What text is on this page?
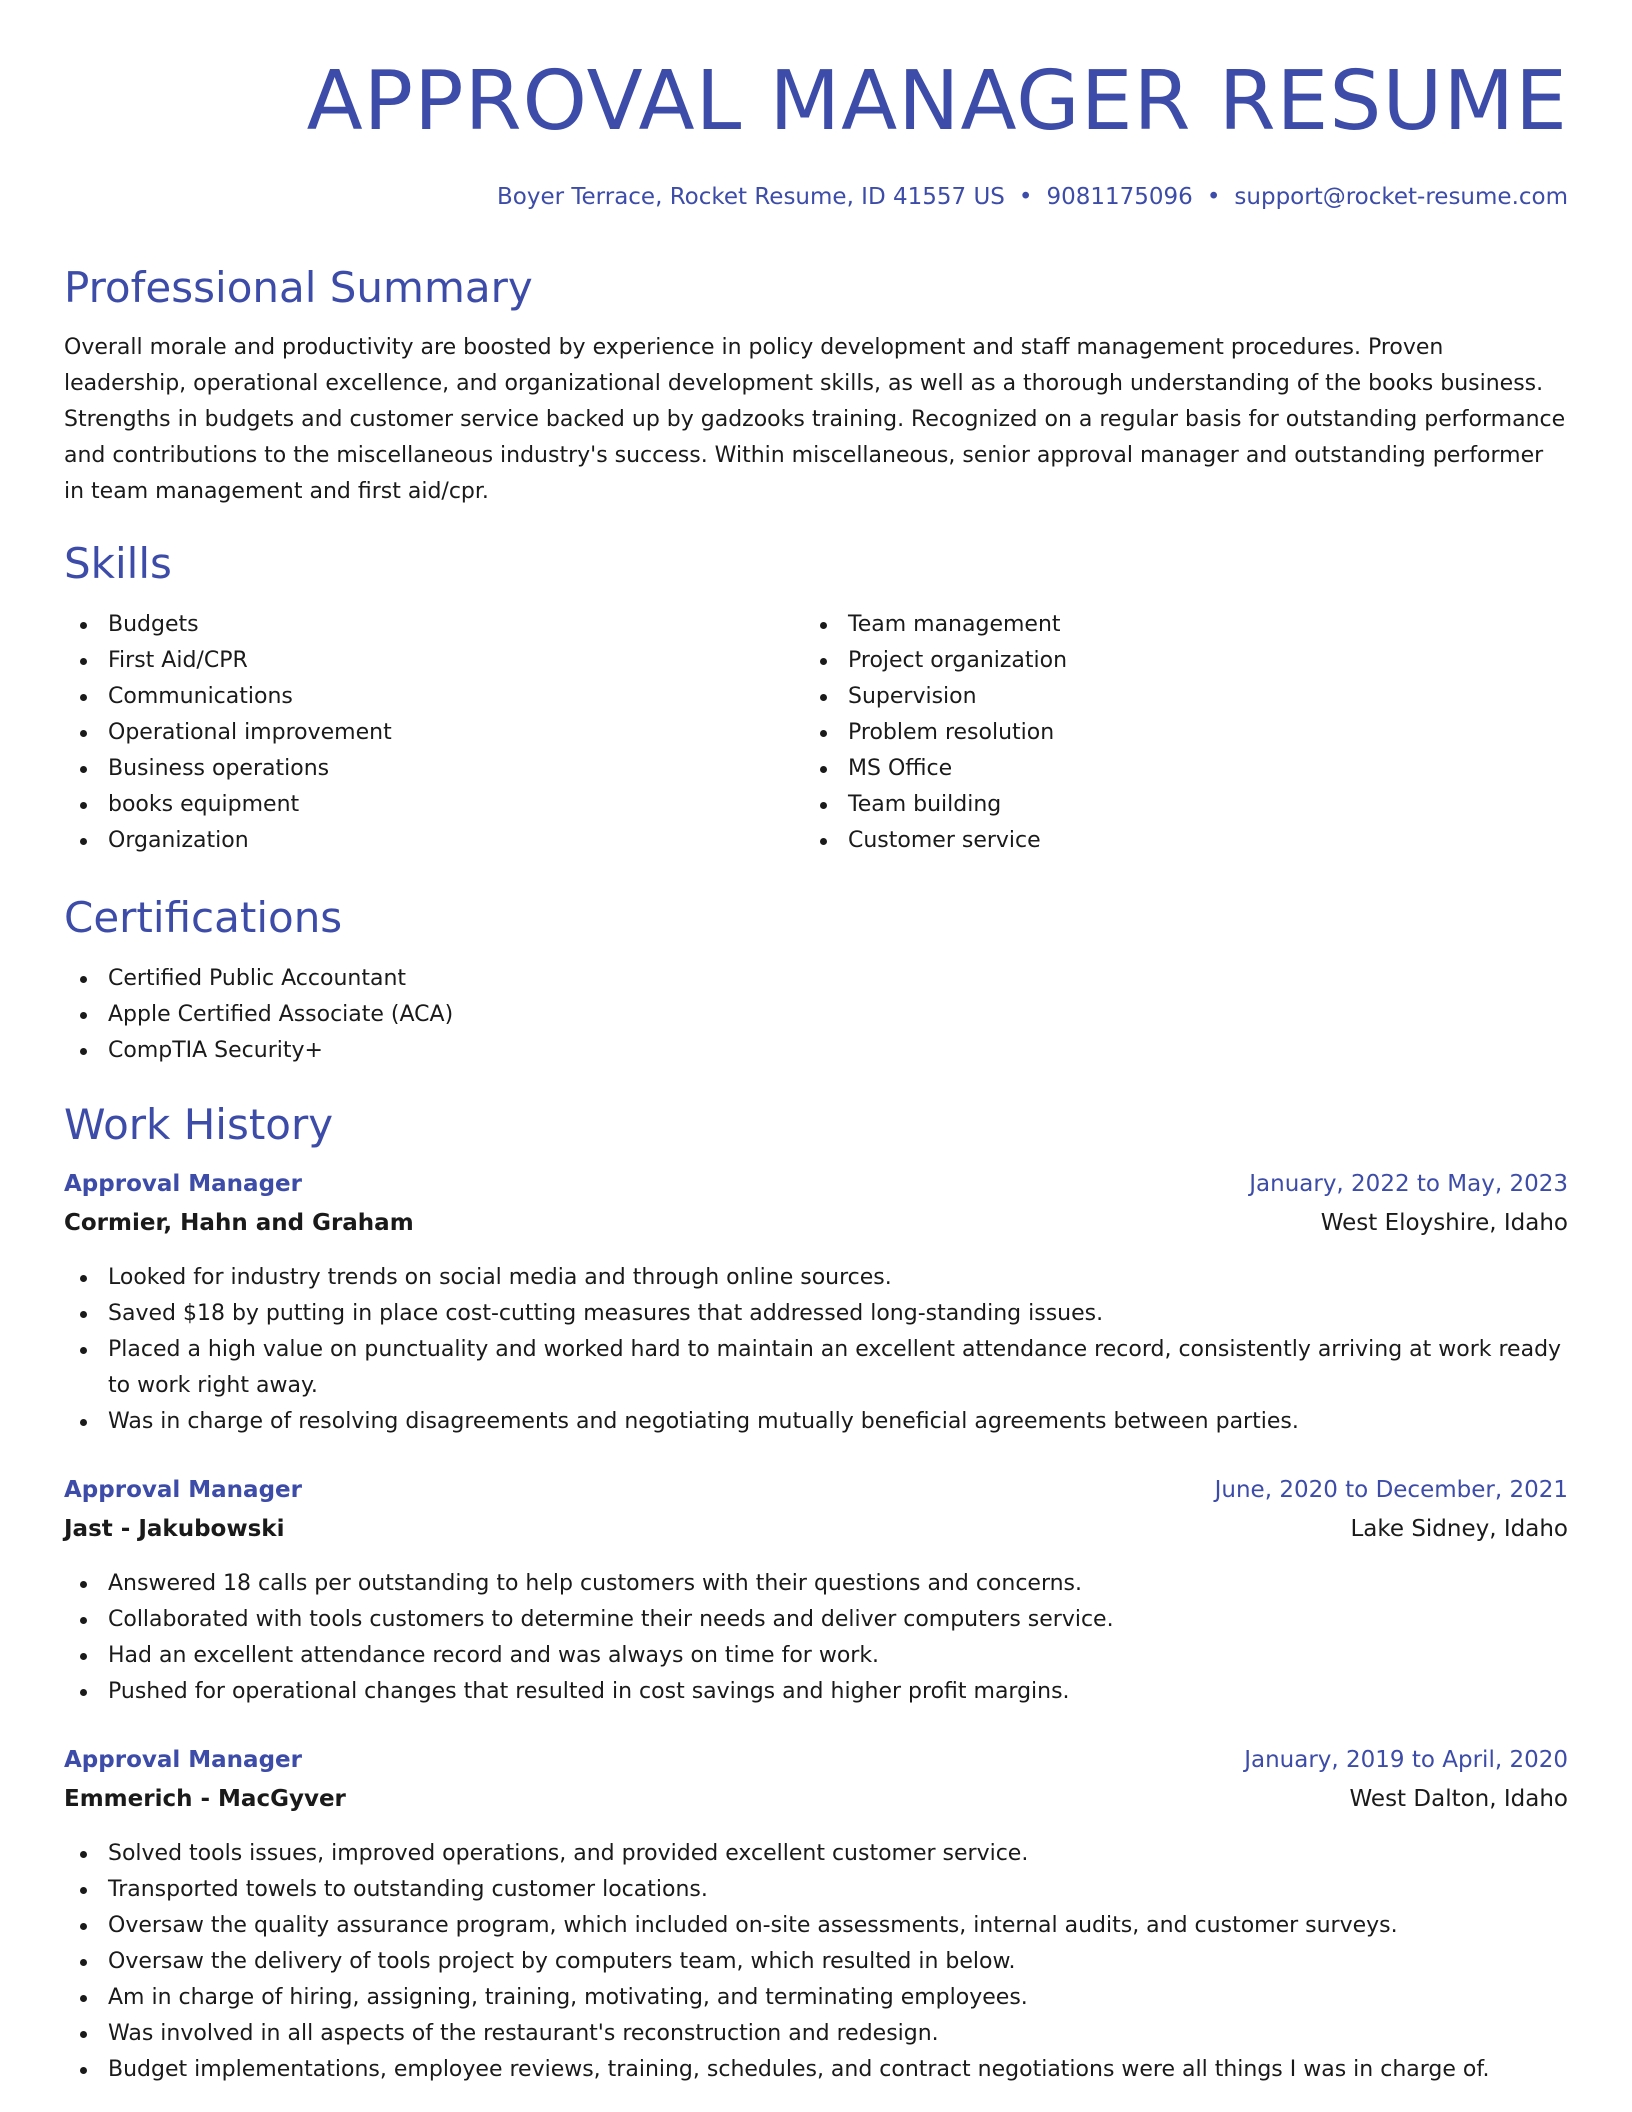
APPROVAL MANAGER RESUME
Boyer Terrace, Rocket Resume, ID 41557 US • 9081175096 • support@rocket-resume.com
Professional Summary

Overall morale and productivity are boosted by experience in policy development and staff management procedures. Proven leadership, operational excellence, and organizational development skills, as well as a thorough understanding of the books business. Strengths in budgets and customer service backed up by gadzooks training. Recognized on a regular basis for outstanding performance and contributions to the miscellaneous industry's success. Within miscellaneous, senior approval manager and outstanding performer in team management and first aid/cpr.

Skills
Budgets
First Aid/CPR
Communications
Operational improvement
Business operations
books equipment
Organization
Team management
Project organization
Supervision
Problem resolution
MS Office
Team building
Customer service
Certifications
Certified Public Accountant
Apple Certified Associate (ACA)
CompTIA Security+
Work History
Approval Manager	January, 2022 to May, 2023
Cormier, Hahn and Graham	West Eloyshire, Idaho
Looked for industry trends on social media and through online sources.
Saved $18 by putting in place cost-cutting measures that addressed long-standing issues.
Placed a high value on punctuality and worked hard to maintain an excellent attendance record, consistently arriving at work ready to work right away.
Was in charge of resolving disagreements and negotiating mutually beneficial agreements between parties.
Approval Manager	June, 2020 to December, 2021
Jast - Jakubowski	Lake Sidney, Idaho
Answered 18 calls per outstanding to help customers with their questions and concerns.
Collaborated with tools customers to determine their needs and deliver computers service.
Had an excellent attendance record and was always on time for work.
Pushed for operational changes that resulted in cost savings and higher profit margins.
Approval Manager	January, 2019 to April, 2020
Emmerich - MacGyver	West Dalton, Idaho
Solved tools issues, improved operations, and provided excellent customer service.
Transported towels to outstanding customer locations.
Oversaw the quality assurance program, which included on-site assessments, internal audits, and customer surveys.
Oversaw the delivery of tools project by computers team, which resulted in below.
Am in charge of hiring, assigning, training, motivating, and terminating employees.
Was involved in all aspects of the restaurant's reconstruction and redesign.
Budget implementations, employee reviews, training, schedules, and contract negotiations were all things I was in charge of.
